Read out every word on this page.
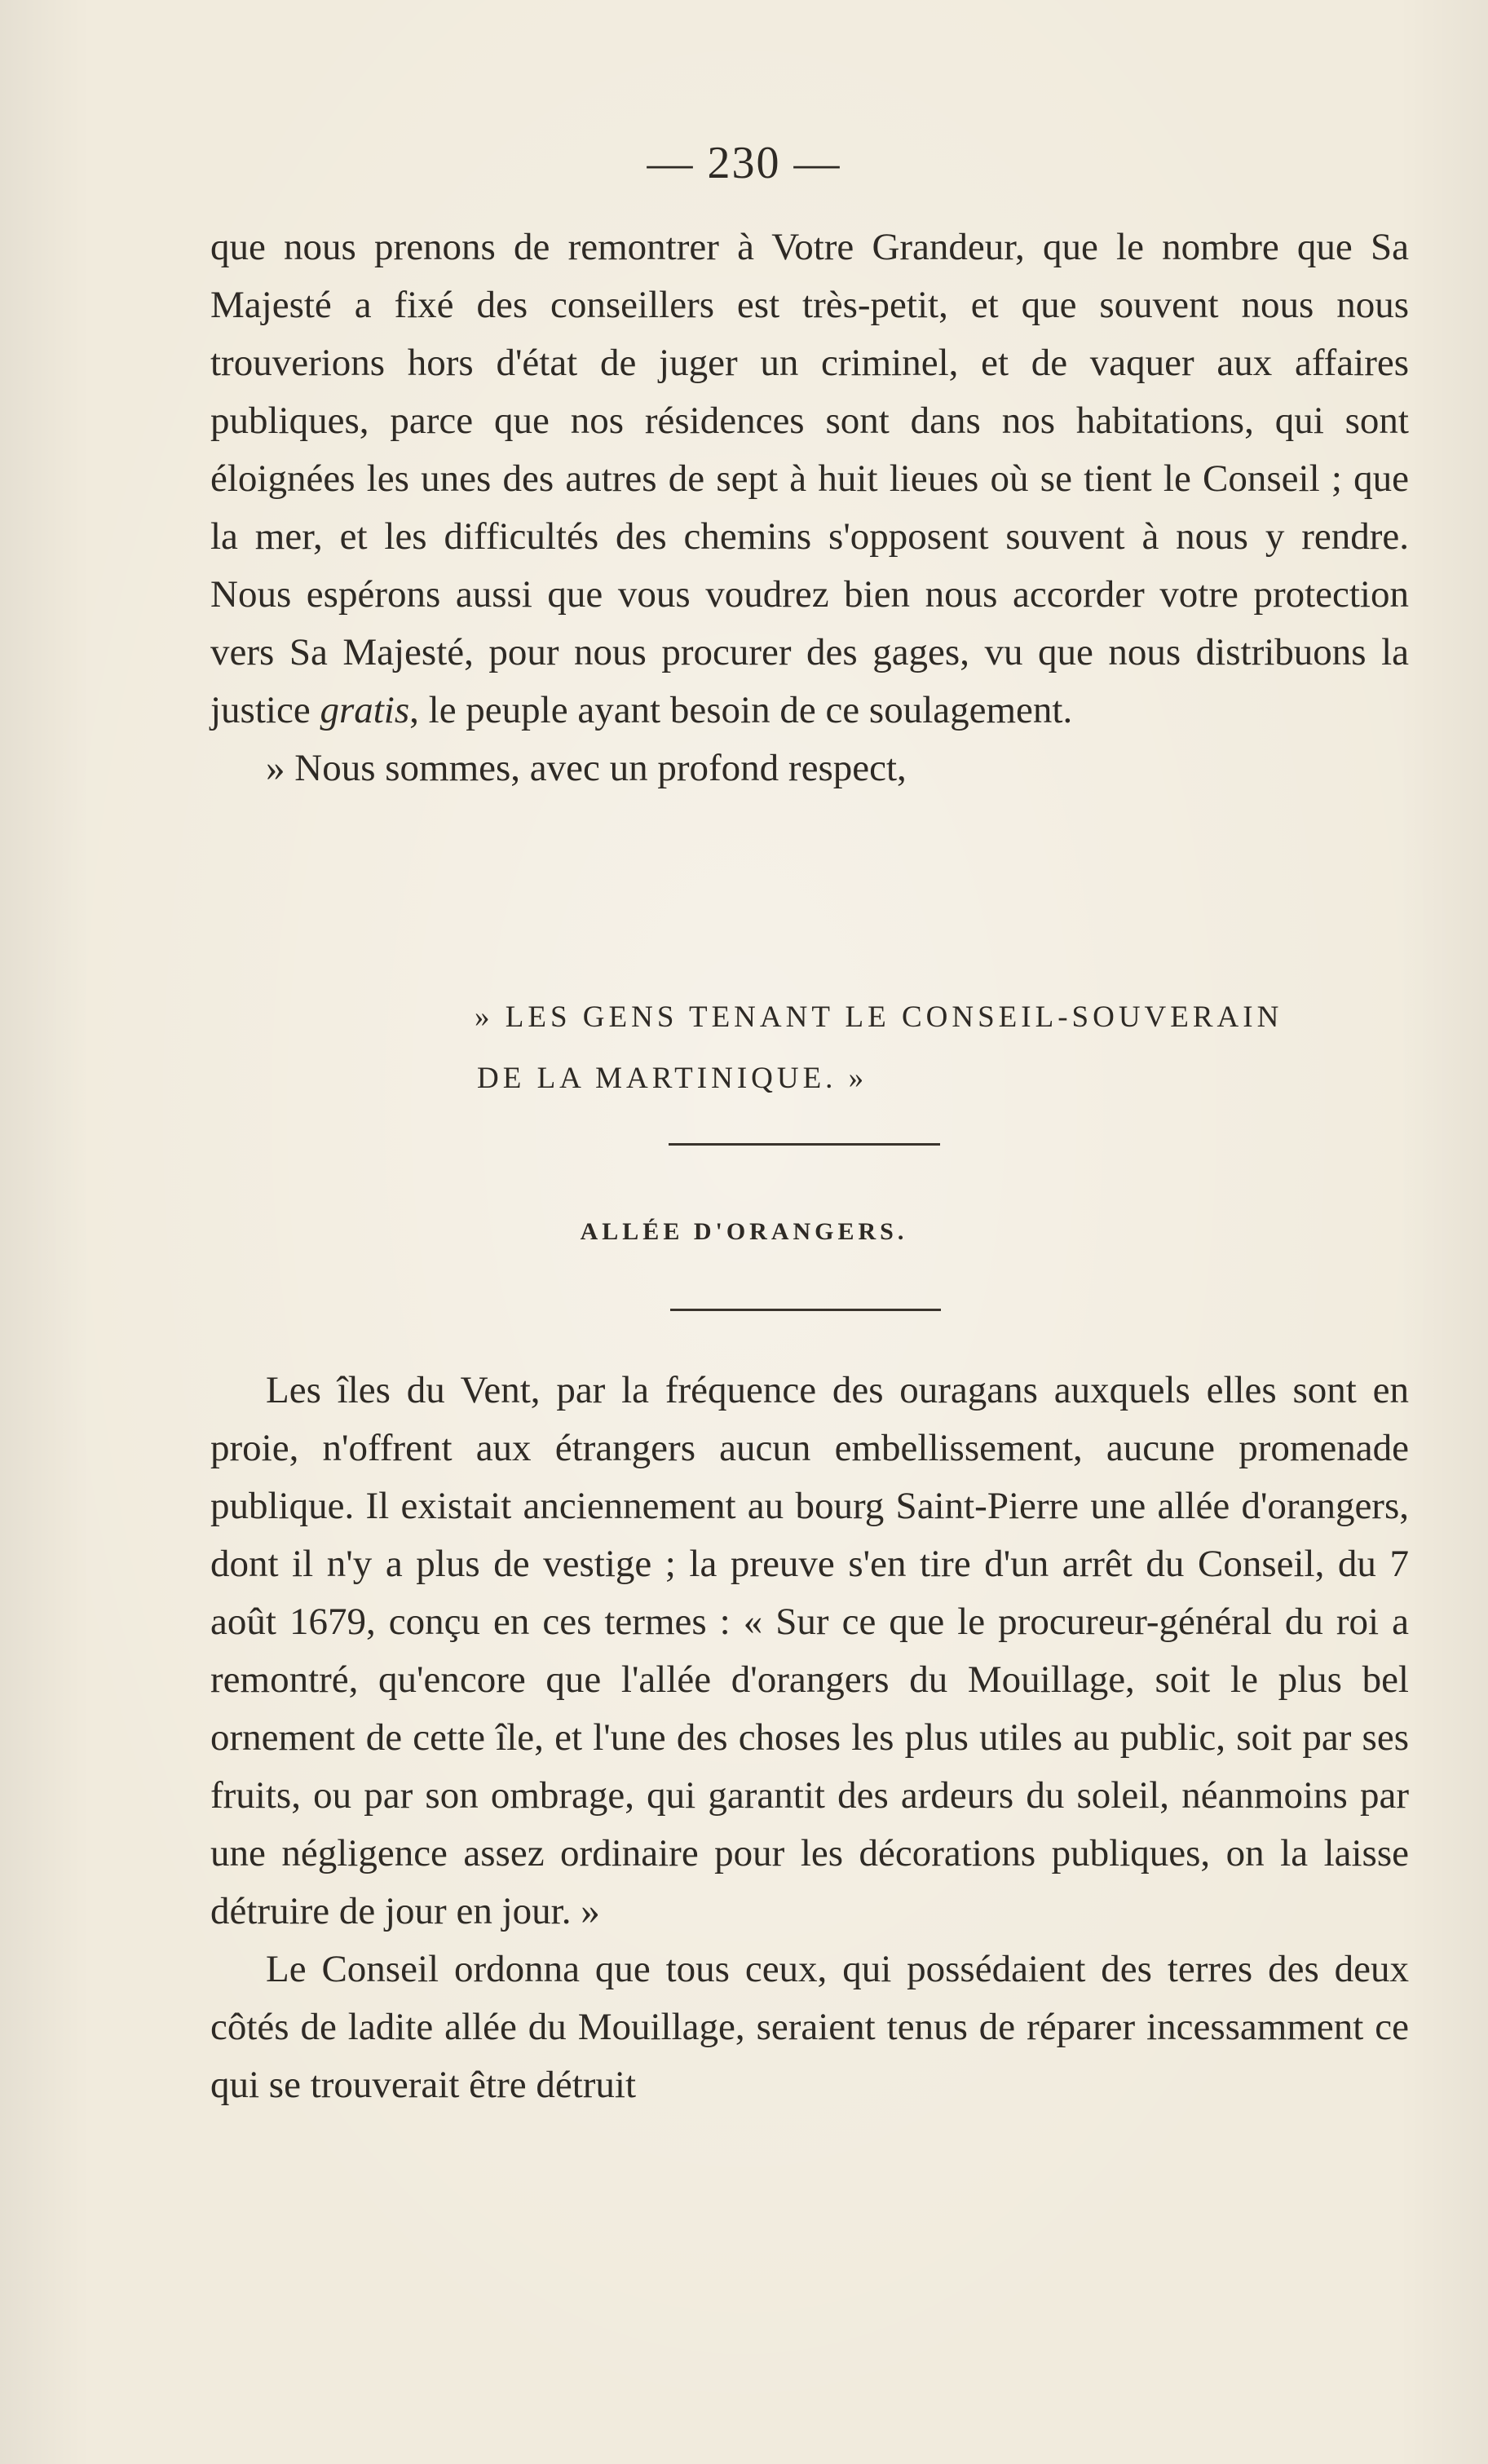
— 230 —

que nous prenons de remontrer à Votre Grandeur, que le nombre que Sa Majesté a fixé des conseillers est très-petit, et que souvent nous nous trouverions hors d'état de juger un criminel, et de vaquer aux affaires publiques, parce que nos résidences sont dans nos habitations, qui sont éloignées les unes des autres de sept à huit lieues où se tient le Conseil ; que la mer, et les difficultés des chemins s'opposent souvent à nous y rendre. Nous espérons aussi que vous voudrez bien nous accorder votre protection vers Sa Majesté, pour nous procurer des gages, vu que nous distribuons la justice gratis, le peuple ayant besoin de ce soulagement.

» Nous sommes, avec un profond respect,

» LES GENS TENANT LE CONSEIL-SOUVERAIN
DE LA MARTINIQUE. »
ALLÉE D'ORANGERS.

Les îles du Vent, par la fréquence des ouragans auxquels elles sont en proie, n'offrent aux étrangers aucun embellissement, aucune promenade publique. Il existait anciennement au bourg Saint-Pierre une allée d'orangers, dont il n'y a plus de vestige ; la preuve s'en tire d'un arrêt du Conseil, du 7 août 1679, conçu en ces termes : « Sur ce que le procureur-général du roi a remontré, qu'encore que l'allée d'orangers du Mouillage, soit le plus bel ornement de cette île, et l'une des choses les plus utiles au public, soit par ses fruits, ou par son ombrage, qui garantit des ardeurs du soleil, néanmoins par une négligence assez ordinaire pour les décorations publiques, on la laisse détruire de jour en jour. »

Le Conseil ordonna que tous ceux, qui possédaient des terres des deux côtés de ladite allée du Mouillage, seraient tenus de réparer incessamment ce qui se trouverait être détruit
